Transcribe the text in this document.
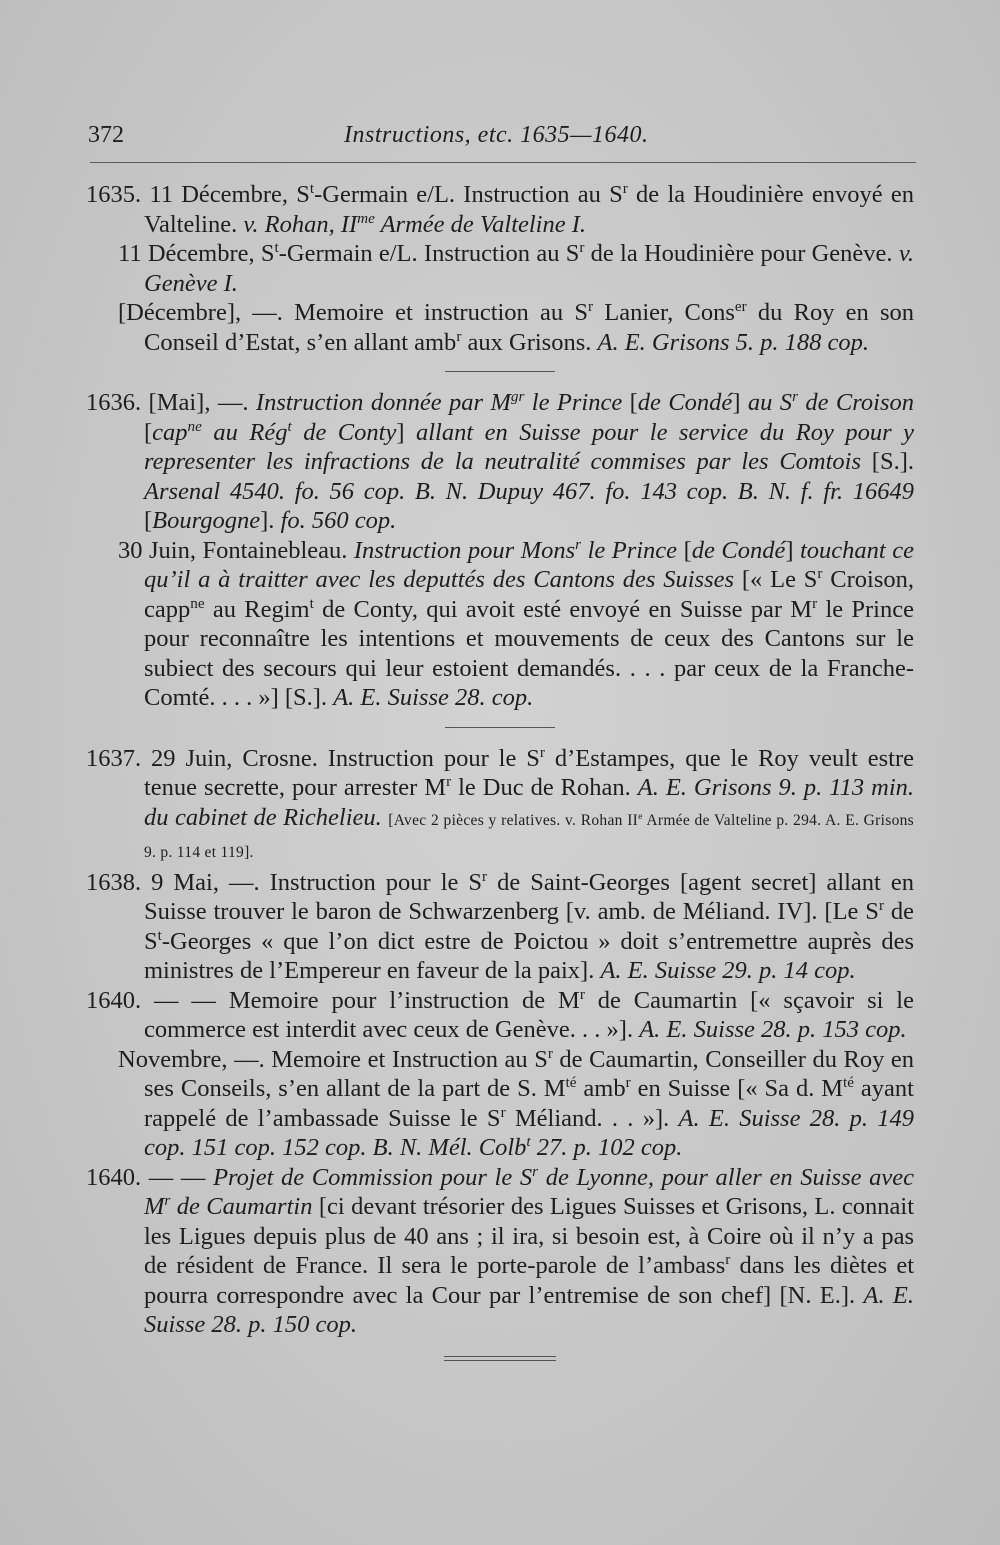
372	Instructions, etc. 1635—1640.
1635. 11 Décembre, $S^t$-Germain e/L. Instruction au $S^r$ de la Houdinière envoyé en Valteline. v. Rohan, $II^{me}$ Armée de Valteline I.
11 Décembre, $S^t$-Germain e/L. Instruction au $S^r$ de la Houdinière pour Genève. v. Genève I.
[Décembre], —. Memoire et instruction au $S^r$ Lanier, Cons$^{er}$ du Roy en son Conseil d’Estat, s’en allant amb$^r$ aux Grisons. A. E. Grisons 5. p. 188 cop.
1636. [Mai], —. Instruction donnée par $M^{gr}$ le Prince [de Condé] au $S^r$ de Croison [cap$^{ne}$ au Rég$^t$ de Conty] allant en Suisse pour le service du Roy pour y representer les infractions de la neutralité commises par les Comtois [S.]. Arsenal 4540. fo. 56 cop. B. N. Dupuy 467. fo. 143 cop. B. N. f. fr. 16649 [Bourgogne]. fo. 560 cop.
30 Juin, Fontainebleau. Instruction pour Mons$^r$ le Prince [de Condé] touchant ce qu’il a à traitter avec les deputtés des Cantons des Suisses [« Le $S^r$ Croison, capp$^{ne}$ au Regim$^t$ de Conty, qui avoit esté envoyé en Suisse par $M^r$ le Prince pour reconnaître les intentions et mouvements de ceux des Cantons sur le subiect des secours qui leur estoient demandés. . . . par ceux de la Franche-Comté. . . . »] [S.]. A. E. Suisse 28. cop.
1637. 29 Juin, Crosne. Instruction pour le $S^r$ d’Estampes, que le Roy veult estre tenue secrette, pour arrester $M^r$ le Duc de Rohan. A. E. Grisons 9. p. 113 min. du cabinet de Richelieu. [Avec 2 pièces y relatives. v. Rohan IIe Armée de Valteline p. 294. A. E. Grisons 9. p. 114 et 119].
1638. 9 Mai, —. Instruction pour le $S^r$ de Saint-Georges [agent secret] allant en Suisse trouver le baron de Schwarzenberg [v. amb. de Méliand. IV]. [Le $S^r$ de $S^t$-Georges « que l’on dict estre de Poictou » doit s’entremettre auprès des ministres de l’Empereur en faveur de la paix]. A. E. Suisse 29. p. 14 cop.
1640. — — Memoire pour l’instruction de $M^r$ de Caumartin [« sçavoir si le commerce est interdit avec ceux de Genève. . . »]. A. E. Suisse 28. p. 153 cop.
Novembre, —. Memoire et Instruction au $S^r$ de Caumartin, Conseiller du Roy en ses Conseils, s’en allant de la part de S. $M^{té}$ amb$^r$ en Suisse [« Sa d. $M^{té}$ ayant rappelé de l’ambassade Suisse le $S^r$ Méliand. . . »]. A. E. Suisse 28. p. 149 cop. 151 cop. 152 cop. B. N. Mél. Colb$^t$ 27. p. 102 cop.
1640. — — Projet de Commission pour le $S^r$ de Lyonne, pour aller en Suisse avec $M^r$ de Caumartin [ci devant trésorier des Ligues Suisses et Grisons, L. connait les Ligues depuis plus de 40 ans ; il ira, si besoin est, à Coire où il n’y a pas de résident de France. Il sera le porte-parole de l’ambass$^r$ dans les diètes et pourra correspondre avec la Cour par l’entremise de son chef] [N. E.]. A. E. Suisse 28. p. 150 cop.
